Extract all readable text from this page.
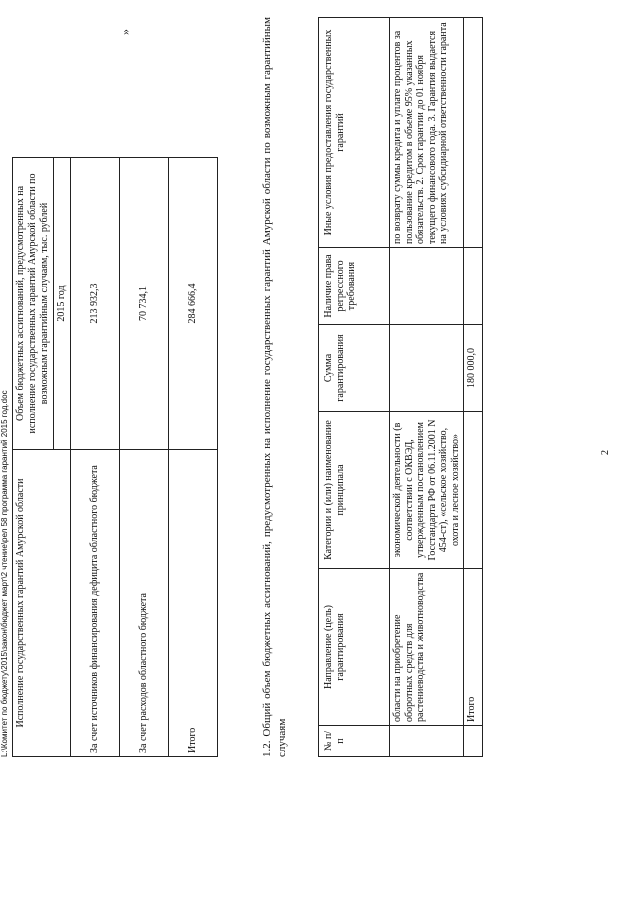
2
№ п/п	Направление (цель) гарантирования	Категории и (или) наименование принципала	Сумма гарантирования	Наличие права регрессного требования	Иные условия предоставления государственных гарантий
	области на приобретение оборотных средств для растениеводства и животноводства	экономической деятельности (в соответствии с ОКВЭД, утвержденным постановлением Госстандарта РФ от 06.11.2001 N 454-ст), «сельское хозяйство, охота и лесное хозяйство»			по возврату суммы кредита и уплате процентов за пользование кредитом в объеме 95% указанных обязательств. 2. Срок гарантии до 01 ноября текущего финансового года. 3. Гарантия выдается на условиях субсидиарной ответственности гаранта
	Итого		180 000,0		
1.2. Общий объем бюджетных ассигнований, предусмотренных на исполнение государственных гарантий Амурской области по возможным гарантийным случаям
Исполнение государственных гарантий Амурской области	Объем бюджетных ассигнований, предусмотренных на исполнение государственных гарантий Амурской области по возможным гарантийным случаям, тыс. рублей
	2015 год
За счет источников финансирования дефицита областного бюджета	213 932,3
За счет расходов областного бюджета	70 734,1
Итого	284 666,4
»
L:\Комитет по бюджету\2015\закон\бюджет март\2 чтение\рел 58 программа гарантий 2015 год.doc
